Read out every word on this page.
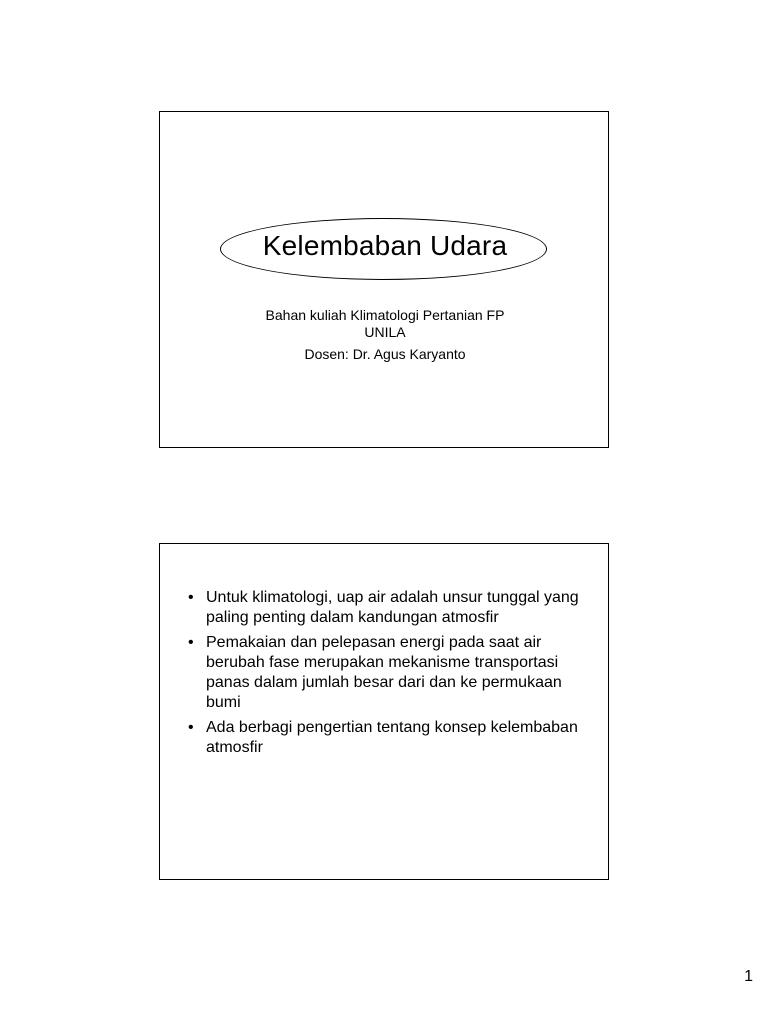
Kelembaban Udara
Bahan kuliah Klimatologi Pertanian FP
UNILA
Dosen: Dr. Agus Karyanto
• Untuk klimatologi, uap air adalah unsur tunggal yang paling penting dalam kandungan atmosfir
• Pemakaian dan pelepasan energi pada saat air berubah fase merupakan mekanisme transportasi panas dalam jumlah besar dari dan ke permukaan bumi
• Ada berbagi pengertian tentang konsep kelembaban atmosfir
1
